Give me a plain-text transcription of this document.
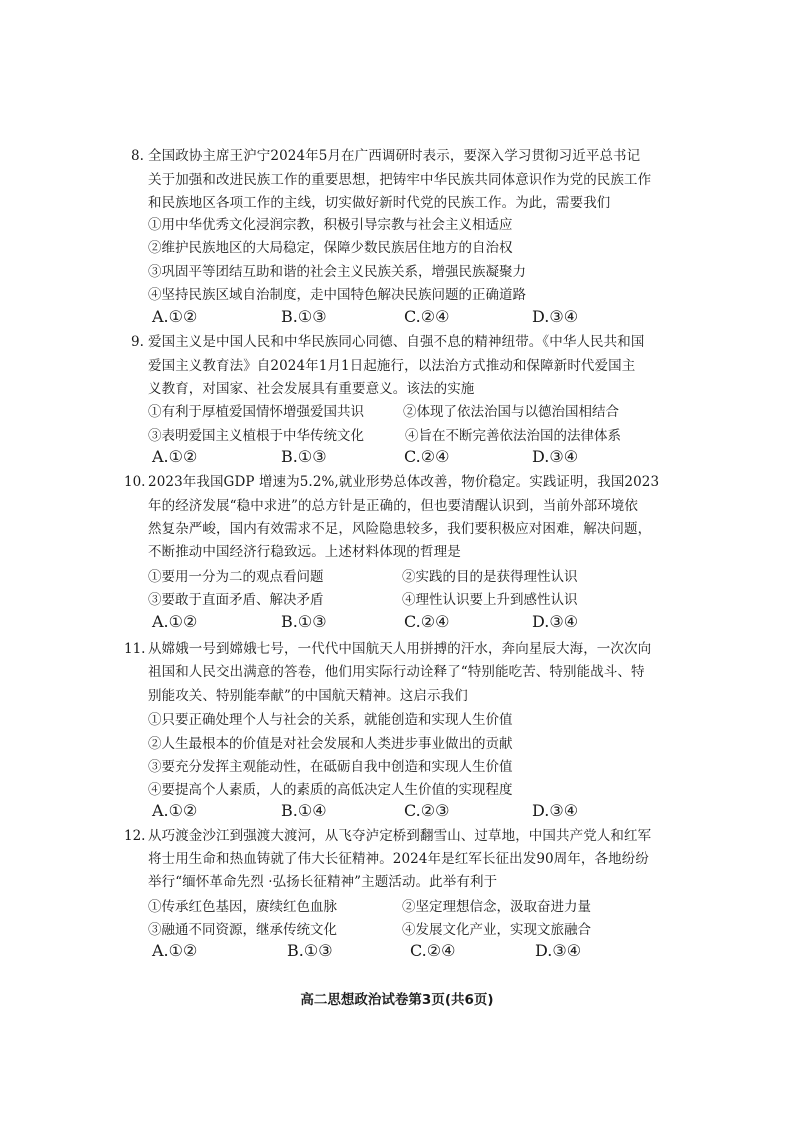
8. 全国政协主席王沪宁2024年5月在广西调研时表示，要深入学习贯彻习近平总书记
关于加强和改进民族工作的重要思想，把铸牢中华民族共同体意识作为党的民族工作
和民族地区各项工作的主线，切实做好新时代党的民族工作。为此，需要我们
①用中华优秀文化浸润宗教，积极引导宗教与社会主义相适应
②维护民族地区的大局稳定，保障少数民族居住地方的自治权
③巩固平等团结互助和谐的社会主义民族关系，增强民族凝聚力
④坚持民族区域自治制度，走中国特色解决民族问题的正确道路
A.①②	B.①③	C.②④	D.③④
9. 爱国主义是中国人民和中华民族同心同德、自强不息的精神纽带。《中华人民共和国
爱国主义教育法》自2024年1月1日起施行，以法治方式推动和保障新时代爱国主
义教育，对国家、社会发展具有重要意义。该法的实施
①有利于厚植爱国情怀增强爱国共识	②体现了依法治国与以德治国相结合
③表明爱国主义植根于中华传统文化	④旨在不断完善依法治国的法律体系
A.①②	B.①③	C.②④	D.③④
10. 2023年我国GDP 增速为5.2%,就业形势总体改善，物价稳定。实践证明，我国2023
年的经济发展“稳中求进”的总方针是正确的，但也要清醒认识到，当前外部环境依
然复杂严峻，国内有效需求不足，风险隐患较多，我们要积极应对困难，解决问题，
不断推动中国经济行稳致远。上述材料体现的哲理是
①要用一分为二的观点看问题	②实践的目的是获得理性认识
③要敢于直面矛盾、解决矛盾	④理性认识要上升到感性认识
A.①②	B.①③	C.②④	D.③④
11. 从嫦娥一号到嫦娥七号，一代代中国航天人用拼搏的汗水，奔向星辰大海，一次次向
祖国和人民交出满意的答卷，他们用实际行动诠释了“特别能吃苦、特别能战斗、特
别能攻关、特别能奉献”的中国航天精神。这启示我们
①只要正确处理个人与社会的关系，就能创造和实现人生价值
②人生最根本的价值是对社会发展和人类进步事业做出的贡献
③要充分发挥主观能动性，在砥砺自我中创造和实现人生价值
④要提高个人素质，人的素质的高低决定人生价值的实现程度
A.①②	B.①④	C.②③	D.③④
12. 从巧渡金沙江到强渡大渡河，从飞夺泸定桥到翻雪山、过草地，中国共产党人和红军
将士用生命和热血铸就了伟大长征精神。2024年是红军长征出发90周年，各地纷纷
举行“缅怀革命先烈 ·弘扬长征精神”主题活动。此举有利于
①传承红色基因，赓续红色血脉	②坚定理想信念，汲取奋进力量
③融通不同资源，继承传统文化	④发展文化产业，实现文旅融合
A.①②	B.①③	C.②④	D.③④
高二思想政治试卷第3页(共6页)
